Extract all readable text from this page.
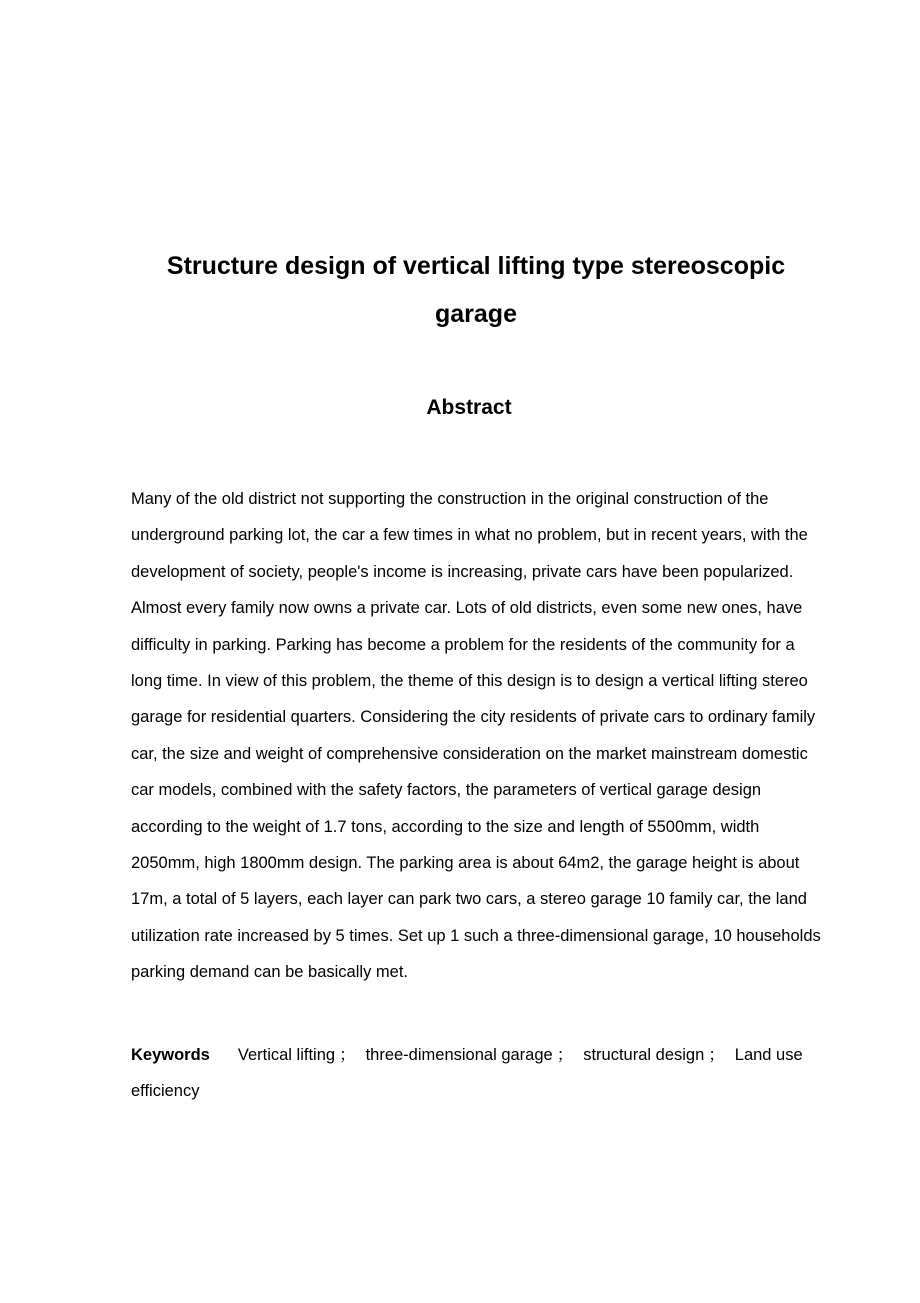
Structure design of vertical lifting type stereoscopic
garage
Abstract

Many of the old district not supporting the construction in the original construction of the underground parking lot, the car a few times in what no problem, but in recent years, with the development of society, people's income is increasing, private cars have been popularized. Almost every family now owns a private car. Lots of old districts, even some new ones, have difficulty in parking. Parking has become a problem for the residents of the community for a long time. In view of this problem, the theme of this design is to design a vertical lifting stereo garage for residential quarters. Considering the city residents of private cars to ordinary family car, the size and weight of comprehensive consideration on the market mainstream domestic car models, combined with the safety factors, the parameters of vertical garage design according to the weight of 1.7 tons, according to the size and length of 5500mm, width 2050mm, high 1800mm design. The parking area is about 64m2, the garage height is about 17m, a total of 5 layers, each layer can park two cars, a stereo garage 10 family car, the land utilization rate increased by 5 times. Set up 1 such a three-dimensional garage, 10 households parking demand can be basically met.

Keywords Vertical lifting ； three-dimensional garage ； structural design ； Land use efficiency
